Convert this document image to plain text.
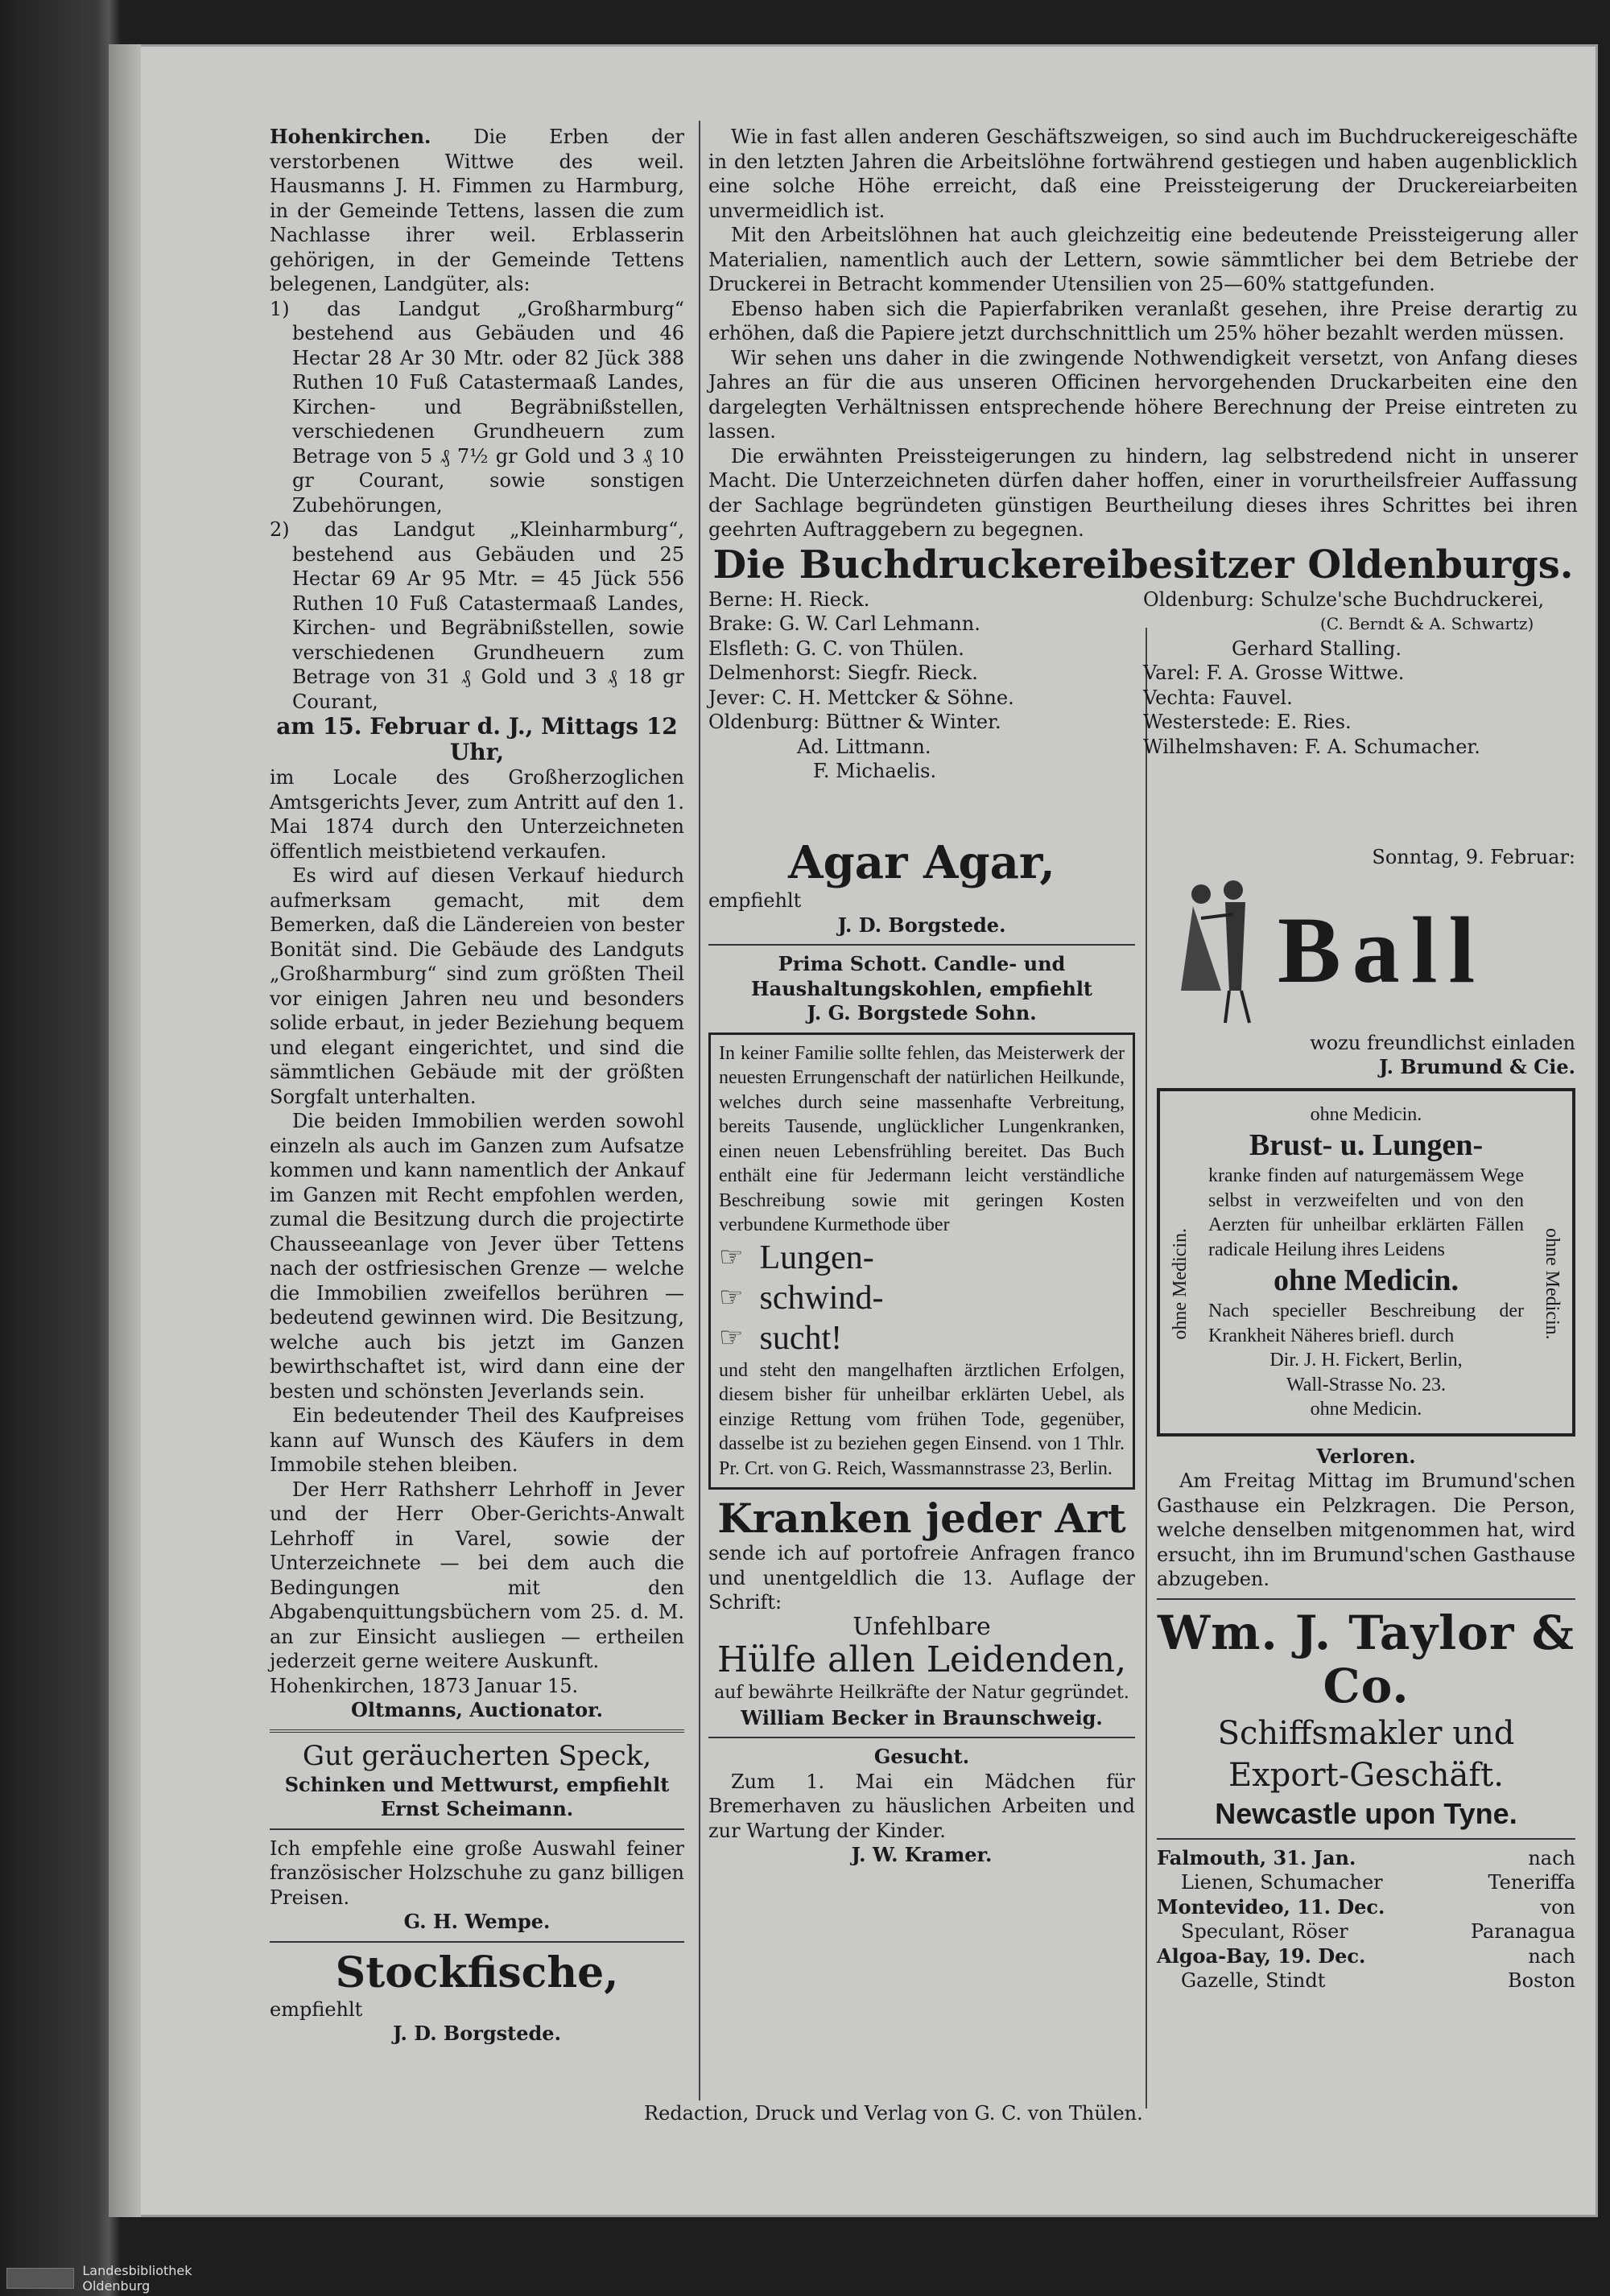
Hohenkirchen. Die Erben der verstorbenen Wittwe des weil. Hausmanns J. H. Fimmen zu Harmburg, in der Gemeinde Tettens, lassen die zum Nachlasse ihrer weil. Erblasserin gehörigen, in der Gemeinde Tettens belegenen, Landgüter, als:

1) das Landgut „Großharmburg“ bestehend aus Gebäuden und 46 Hectar 28 Ar 30 Mtr. oder 82 Jück 388 Ruthen 10 Fuß Catastermaaß Landes, Kirchen- und Begräbnißstellen, verschiedenen Grundheuern zum Betrage von 5 ₰ 7½ gr Gold und 3 ₰ 10 gr Courant, sowie sonstigen Zubehörungen,

2) das Landgut „Kleinharmburg“, bestehend aus Gebäuden und 25 Hectar 69 Ar 95 Mtr. = 45 Jück 556 Ruthen 10 Fuß Catastermaaß Landes, Kirchen- und Begräbnißstellen, sowie verschiedenen Grundheuern zum Betrage von 31 ₰ Gold und 3 ₰ 18 gr Courant,

am 15. Februar d. J., Mittags 12 Uhr,

im Locale des Großherzoglichen Amtsgerichts Jever, zum Antritt auf den 1. Mai 1874 durch den Unterzeichneten öffentlich meistbietend verkaufen.

Es wird auf diesen Verkauf hiedurch aufmerksam gemacht, mit dem Bemerken, daß die Ländereien von bester Bonität sind. Die Gebäude des Landguts „Großharmburg“ sind zum größten Theil vor einigen Jahren neu und besonders solide erbaut, in jeder Beziehung bequem und elegant eingerichtet, und sind die sämmtlichen Gebäude mit der größten Sorgfalt unterhalten.

Die beiden Immobilien werden sowohl einzeln als auch im Ganzen zum Aufsatze kommen und kann namentlich der Ankauf im Ganzen mit Recht empfohlen werden, zumal die Besitzung durch die projectirte Chausseeanlage von Jever über Tettens nach der ostfriesischen Grenze — welche die Immobilien zweifellos berühren — bedeutend gewinnen wird. Die Besitzung, welche auch bis jetzt im Ganzen bewirthschaftet ist, wird dann eine der besten und schönsten Jeverlands sein.

Ein bedeutender Theil des Kaufpreises kann auf Wunsch des Käufers in dem Immobile stehen bleiben.

Der Herr Rathsherr Lehrhoff in Jever und der Herr Ober-Gerichts-Anwalt Lehrhoff in Varel, sowie der Unterzeichnete — bei dem auch die Bedingungen mit den Abgabenquittungsbüchern vom 25. d. M. an zur Einsicht ausliegen — ertheilen jederzeit gerne weitere Auskunft.

Hohenkirchen, 1873 Januar 15.

Oltmanns, Auctionator.

Gut geräucherten Speck,

Schinken und Mettwurst, empfiehlt

Ernst Scheimann.

Ich empfehle eine große Auswahl feiner französischer Holzschuhe zu ganz billigen Preisen.

G. H. Wempe.

Stockfische,

empfiehlt

J. D. Borgstede.

Wie in fast allen anderen Geschäftszweigen, so sind auch im Buchdruckereigeschäfte in den letzten Jahren die Arbeitslöhne fortwährend gestiegen und haben augenblicklich eine solche Höhe erreicht, daß eine Preissteigerung der Druckereiarbeiten unvermeidlich ist.

Mit den Arbeitslöhnen hat auch gleichzeitig eine bedeutende Preissteigerung aller Materialien, namentlich auch der Lettern, sowie sämmtlicher bei dem Betriebe der Druckerei in Betracht kommender Utensilien von 25—60% stattgefunden.

Ebenso haben sich die Papierfabriken veranlaßt gesehen, ihre Preise derartig zu erhöhen, daß die Papiere jetzt durchschnittlich um 25% höher bezahlt werden müssen.

Wir sehen uns daher in die zwingende Nothwendigkeit versetzt, von Anfang dieses Jahres an für die aus unseren Officinen hervorgehenden Druckarbeiten eine den dargelegten Verhältnissen entsprechende höhere Berechnung der Preise eintreten zu lassen.

Die erwähnten Preissteigerungen zu hindern, lag selbstredend nicht in unserer Macht. Die Unterzeichneten dürfen daher hoffen, einer in vorurtheilsfreier Auffassung der Sachlage begründeten günstigen Beurtheilung dieses ihres Schrittes bei ihren geehrten Auftraggebern zu begegnen.

Die Buchdruckereibesitzer Oldenburgs.

Berne: H. Rieck.

Brake: G. W. Carl Lehmann.

Elsfleth: G. C. von Thülen.

Delmenhorst: Siegfr. Rieck.

Jever: C. H. Mettcker & Söhne.

Oldenburg: Büttner & Winter.

Ad. Littmann.

F. Michaelis.

Oldenburg: Schulze'sche Buchdruckerei,

(C. Berndt & A. Schwartz)

Gerhard Stalling.

Varel: F. A. Grosse Wittwe.

Vechta: Fauvel.

Westerstede: E. Ries.

Wilhelmshaven: F. A. Schumacher.

Agar Agar,

empfiehlt

J. D. Borgstede.

Prima Schott. Candle- und

Haushaltungskohlen, empfiehlt

J. G. Borgstede Sohn.

In keiner Familie sollte fehlen, das Meisterwerk der neuesten Errungenschaft der natürlichen Heilkunde, welches durch seine massenhafte Verbreitung, bereits Tausende, unglücklicher Lungenkranken, einen neuen Lebensfrühling bereitet. Das Buch enthält eine für Jedermann leicht verständliche Beschreibung sowie mit geringen Kosten verbundene Kurmethode über

☞ Lungen-
☞ schwind-
☞ sucht!

und steht den mangelhaften ärztlichen Erfolgen, diesem bisher für unheilbar erklärten Uebel, als einzige Rettung vom frühen Tode, gegenüber, dasselbe ist zu beziehen gegen Einsend. von 1 Thlr. Pr. Crt. von G. Reich, Wassmannstrasse 23, Berlin.

Kranken jeder Art

sende ich auf portofreie Anfragen franco und unentgeldlich die 13. Auflage der Schrift:

Unfehlbare

Hülfe allen Leidenden,

auf bewährte Heilkräfte der Natur gegründet.

William Becker in Braunschweig.

Gesucht.

Zum 1. Mai ein Mädchen für Bremerhaven zu häuslichen Arbeiten und zur Wartung der Kinder.

J. W. Kramer.

Sonntag, 9. Februar:

Ball

wozu freundlichst einladen

J. Brumund & Cie.

ohne Medicin.

Brust- u. Lungen-

kranke finden auf naturgemässem Wege selbst in verzweifelten und von den Aerzten für unheilbar erklärten Fällen radicale Heilung ihres Leidens

ohne Medicin.

Nach specieller Beschreibung der Krankheit Näheres briefl. durch

Dir. J. H. Fickert, Berlin,

Wall-Strasse No. 23.

ohne Medicin.

ohne Medicin.	ohne Medicin.

Verloren.

Am Freitag Mittag im Brumund'schen Gasthause ein Pelzkragen. Die Person, welche denselben mitgenommen hat, wird ersucht, ihn im Brumund'schen Gasthause abzugeben.

Wm. J. Taylor & Co.

Schiffsmakler und

Export-Geschäft.

Newcastle upon Tyne.

Falmouth, 31. Jan.	nach
Lienen, Schumacher	Teneriffa
Montevideo, 11. Dec.	von
Speculant, Röser	Paranagua
Algoa-Bay, 19. Dec.	nach
Gazelle, Stindt	Boston
Redaction, Druck und Verlag von G. C. von Thülen.
Landesbibliothek Oldenburg
